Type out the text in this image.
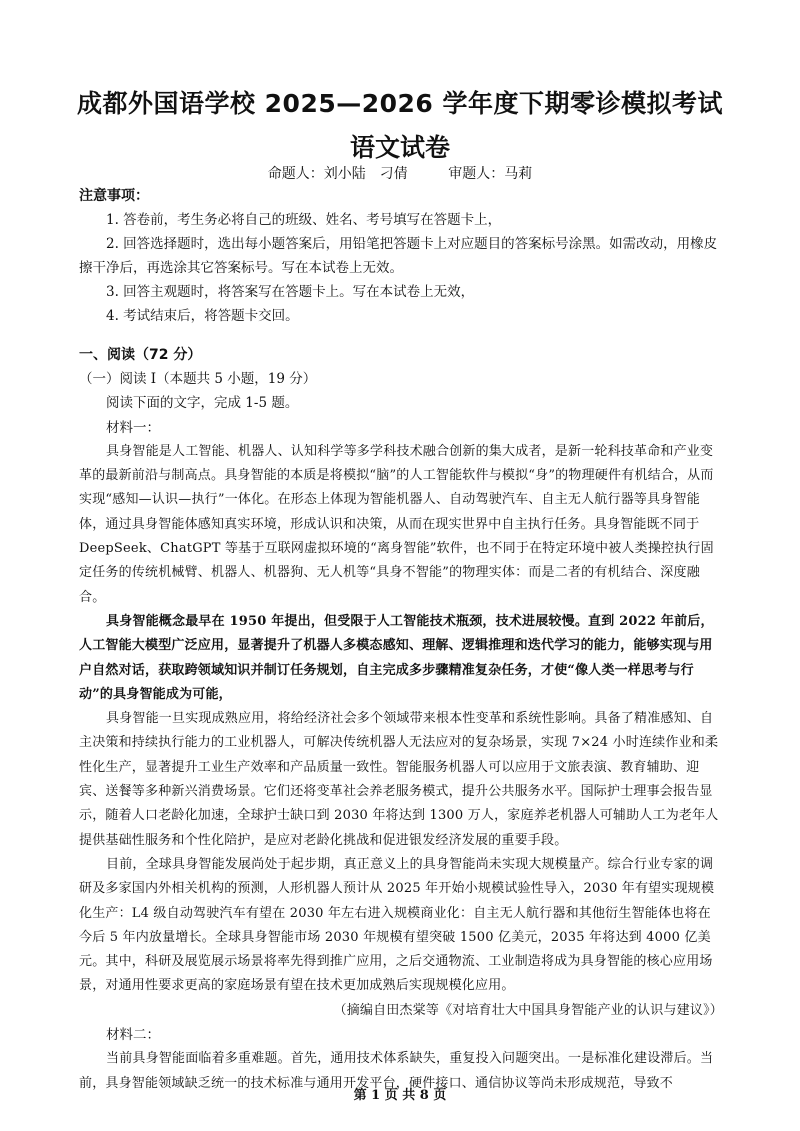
成都外国语学校 2025—2026 学年度下期零诊模拟考试
语文试卷
命题人：刘小陆　刁倩	审题人：马莉
注意事项：

1. 答卷前，考生务必将自己的班级、姓名、考号填写在答题卡上，

2. 回答选择题时，选出每小题答案后，用铅笔把答题卡上对应题目的答案标号涂黑。如需改动，用橡皮擦干净后，再选涂其它答案标号。写在本试卷上无效。

3. 回答主观题时，将答案写在答题卡上。写在本试卷上无效，

4. 考试结束后，将答题卡交回。

一、阅读（72 分）

（一）阅读 I（本题共 5 小题，19 分）

阅读下面的文字，完成 1-5 题。

材料一：

具身智能是人工智能、机器人、认知科学等多学科技术融合创新的集大成者，是新一轮科技革命和产业变革的最新前沿与制高点。具身智能的本质是将模拟“脑”的人工智能软件与模拟“身”的物理硬件有机结合，从而实现“感知—认识—执行”一体化。在形态上体现为智能机器人、自动驾驶汽车、自主无人航行器等具身智能体，通过具身智能体感知真实环境，形成认识和决策，从而在现实世界中自主执行任务。具身智能既不同于 DeepSeek、ChatGPT 等基于互联网虚拟环境的“离身智能”软件，也不同于在特定环境中被人类操控执行固定任务的传统机械臂、机器人、机器狗、无人机等“具身不智能”的物理实体：而是二者的有机结合、深度融合。

具身智能概念最早在 1950 年提出，但受限于人工智能技术瓶颈，技术进展较慢。直到 2022 年前后，人工智能大模型广泛应用，显著提升了机器人多模态感知、理解、逻辑推理和迭代学习的能力，能够实现与用户自然对话，获取跨领域知识并制订任务规划，自主完成多步骤精准复杂任务，才使“像人类一样思考与行动”的具身智能成为可能，

具身智能一旦实现成熟应用，将给经济社会多个领域带来根本性变革和系统性影响。具备了精准感知、自主决策和持续执行能力的工业机器人，可解决传统机器人无法应对的复杂场景，实现 7×24 小时连续作业和柔性化生产，显著提升工业生产效率和产品质量一致性。智能服务机器人可以应用于文旅表演、教育辅助、迎宾、送餐等多种新兴消费场景。它们还将变革社会养老服务模式，提升公共服务水平。国际护士理事会报告显示，随着人口老龄化加速，全球护士缺口到 2030 年将达到 1300 万人，家庭养老机器人可辅助人工为老年人提供基础性服务和个性化陪护，是应对老龄化挑战和促进银发经济发展的重要手段。

目前，全球具身智能发展尚处于起步期，真正意义上的具身智能尚未实现大规模量产。综合行业专家的调研及多家国内外相关机构的预测，人形机器人预计从 2025 年开始小规模试验性导入，2030 年有望实现规模化生产：L4 级自动驾驶汽车有望在 2030 年左右进入规模商业化：自主无人航行器和其他衍生智能体也将在今后 5 年内放量增长。全球具身智能市场 2030 年规模有望突破 1500 亿美元，2035 年将达到 4000 亿美元。其中，科研及展览展示场景将率先得到推广应用，之后交通物流、工业制造将成为具身智能的核心应用场景，对通用性要求更高的家庭场景有望在技术更加成熟后实现规模化应用。

（摘编自田杰棠等《对培育壮大中国具身智能产业的认识与建议》）

材料二：

当前具身智能面临着多重难题。首先，通用技术体系缺失，重复投入问题突出。一是标准化建设滞后。当前，具身智能领域缺乏统一的技术标准与通用开发平台，硬件接口、通信协议等尚未形成规范，导致不

第 1 页 共 8 页
